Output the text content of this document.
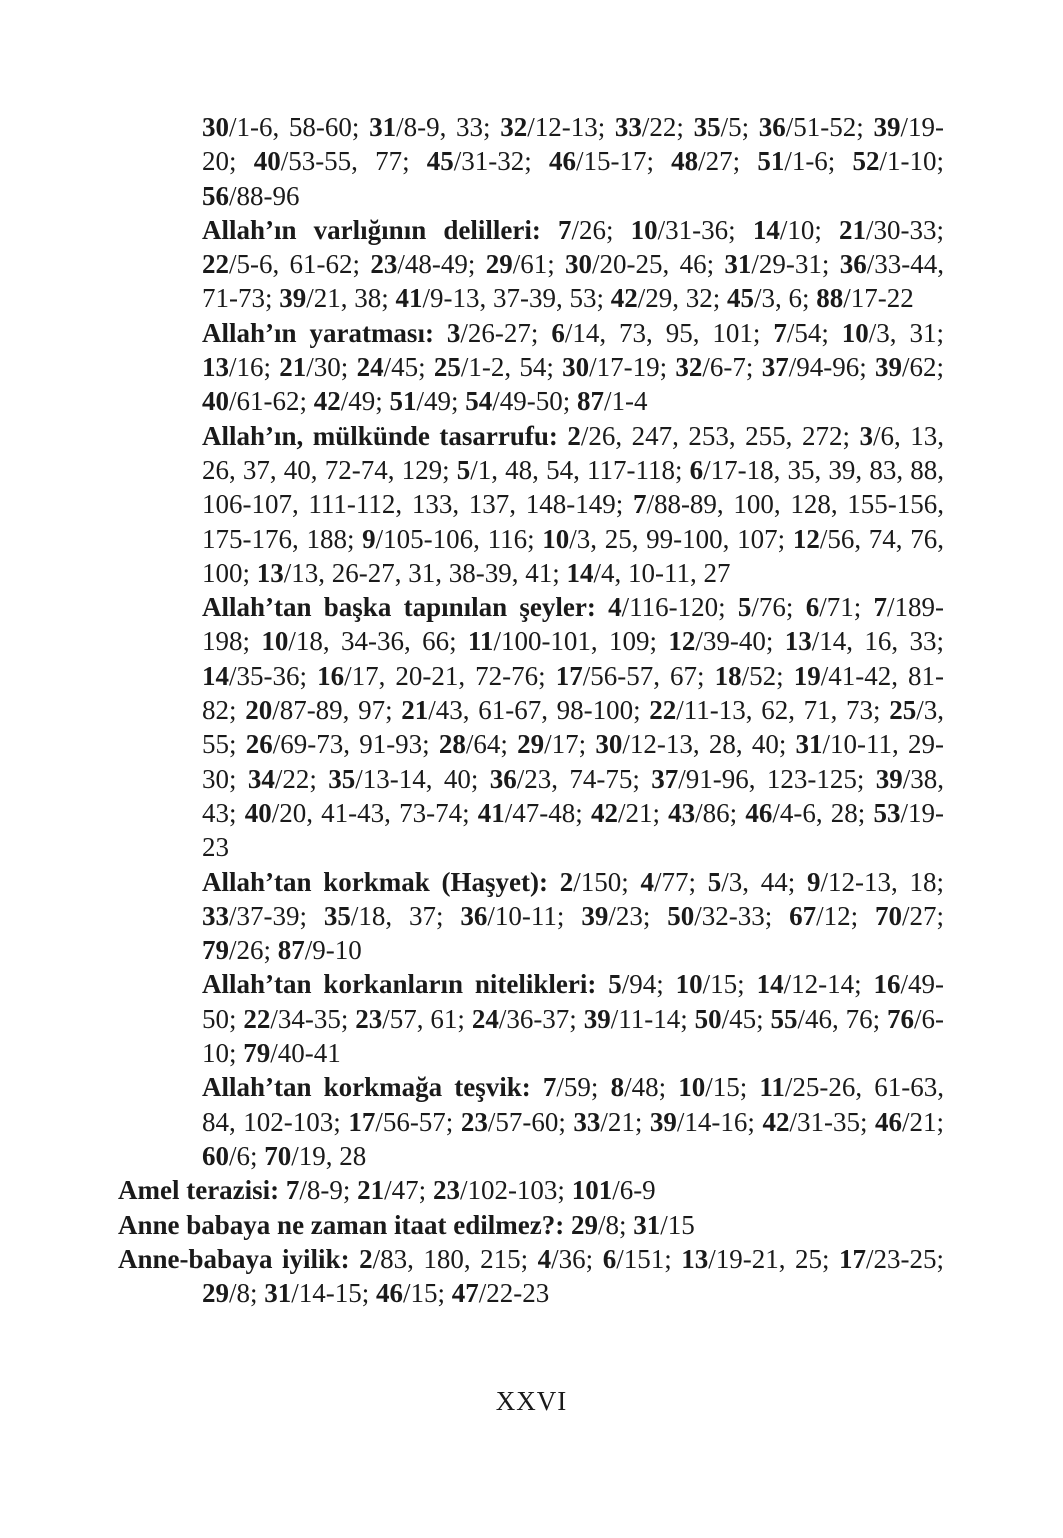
30/1-6, 58-60; 31/8-9, 33; 32/12-13; 33/22; 35/5; 36/51-52; 39/19-20; 40/53-55, 77; 45/31-32; 46/15-17; 48/27; 51/1-6; 52/1-10; 56/88-96

Allah’ın varlığının delilleri: 7/26; 10/31-36; 14/10; 21/30-33; 22/5-6, 61-62; 23/48-49; 29/61; 30/20-25, 46; 31/29-31; 36/33-44, 71-73; 39/21, 38; 41/9-13, 37-39, 53; 42/29, 32; 45/3, 6; 88/17-22

Allah’ın yaratması: 3/26-27; 6/14, 73, 95, 101; 7/54; 10/3, 31; 13/16; 21/30; 24/45; 25/1-2, 54; 30/17-19; 32/6-7; 37/94-96; 39/62; 40/61-62; 42/49; 51/49; 54/49-50; 87/1-4

Allah’ın, mülkünde tasarrufu: 2/26, 247, 253, 255, 272; 3/6, 13, 26, 37, 40, 72-74, 129; 5/1, 48, 54, 117-118; 6/17-18, 35, 39, 83, 88, 106-107, 111-112, 133, 137, 148-149; 7/88-89, 100, 128, 155-156, 175-176, 188; 9/105-106, 116; 10/3, 25, 99-100, 107; 12/56, 74, 76, 100; 13/13, 26-27, 31, 38-39, 41; 14/4, 10-11, 27

Allah’tan başka tapınılan şeyler: 4/116-120; 5/76; 6/71; 7/189-198; 10/18, 34-36, 66; 11/100-101, 109; 12/39-40; 13/14, 16, 33; 14/35-36; 16/17, 20-21, 72-76; 17/56-57, 67; 18/52; 19/41-42, 81-82; 20/87-89, 97; 21/43, 61-67, 98-100; 22/11-13, 62, 71, 73; 25/3, 55; 26/69-73, 91-93; 28/64; 29/17; 30/12-13, 28, 40; 31/10-11, 29-30; 34/22; 35/13-14, 40; 36/23, 74-75; 37/91-96, 123-125; 39/38, 43; 40/20, 41-43, 73-74; 41/47-48; 42/21; 43/86; 46/4-6, 28; 53/19-23

Allah’tan korkmak (Haşyet): 2/150; 4/77; 5/3, 44; 9/12-13, 18; 33/37-39; 35/18, 37; 36/10-11; 39/23; 50/32-33; 67/12; 70/27; 79/26; 87/9-10

Allah’tan korkanların nitelikleri: 5/94; 10/15; 14/12-14; 16/49-50; 22/34-35; 23/57, 61; 24/36-37; 39/11-14; 50/45; 55/46, 76; 76/6-10; 79/40-41

Allah’tan korkmağa teşvik: 7/59; 8/48; 10/15; 11/25-26, 61-63, 84, 102-103; 17/56-57; 23/57-60; 33/21; 39/14-16; 42/31-35; 46/21; 60/6; 70/19, 28

Amel terazisi: 7/8-9; 21/47; 23/102-103; 101/6-9

Anne babaya ne zaman itaat edilmez?: 29/8; 31/15

Anne-babaya iyilik: 2/83, 180, 215; 4/36; 6/151; 13/19-21, 25; 17/23-25; 29/8; 31/14-15; 46/15; 47/22-23

XXVI
